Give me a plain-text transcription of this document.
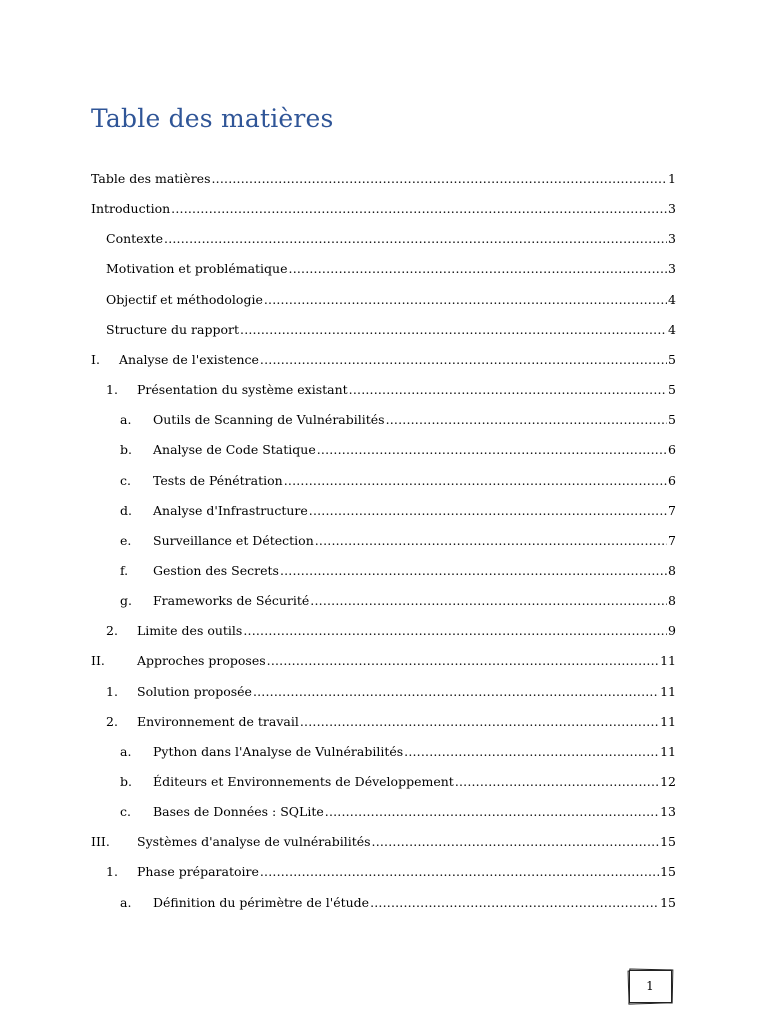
Table des matières
Table des matières .....	1
Introduction .....	3
Contexte .....	3
Motivation et problématique .....	3
Objectif et méthodologie .....	4
Structure du rapport .....	4
I.	Analyse de l'existence .....	5
1.	Présentation du système existant .....	5
a.	Outils de Scanning de Vulnérabilités .....	5
b.	Analyse de Code Statique .....	6
c.	Tests de Pénétration .....	6
d.	Analyse d'Infrastructure .....	7
e.	Surveillance et Détection .....	7
f.	Gestion des Secrets .....	8
g.	Frameworks de Sécurité .....	8
2.	Limite des outils .....	9
II.	Approches proposes .....	11
1.	Solution proposée .....	11
2.	Environnement de travail .....	11
a.	Python dans l'Analyse de Vulnérabilités .....	11
b.	Éditeurs et Environnements de Développement .....	12
c.	Bases de Données : SQLite .....	13
III.	Systèmes d'analyse de vulnérabilités .....	15
1.	Phase préparatoire .....	15
a.	Définition du périmètre de l'étude .....	15
1
